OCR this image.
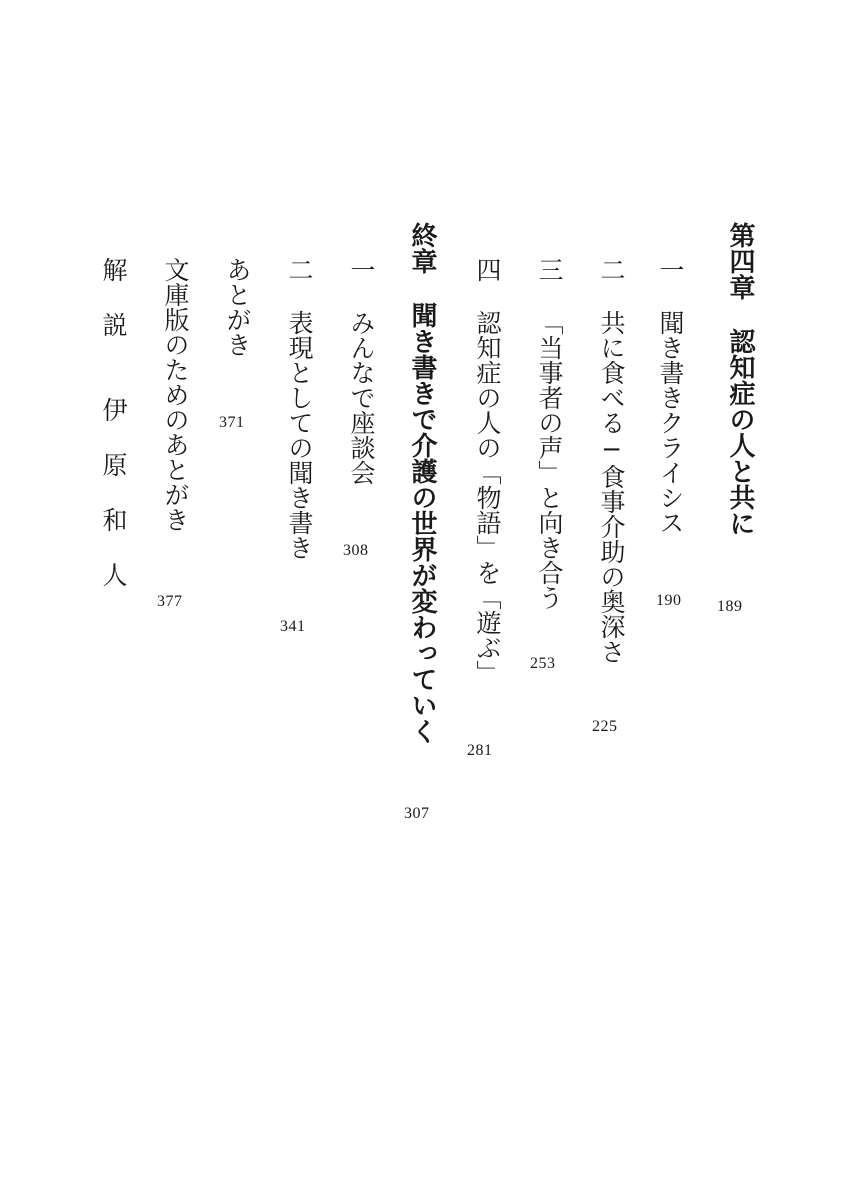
第四章認知症の人と共に
189
一聞き書きクライシス
190
二共に食べる─食事介助の奥深さ
225
三「当事者の声」と向き合う
253
四認知症の人の「物語」を「遊ぶ」
281
終章聞き書きで介護の世界が変わっていく
307
一みんなで座談会
308
二表現としての聞き書き
341
あとがき
371
文庫版のためのあとがき
377
解説伊原和人
